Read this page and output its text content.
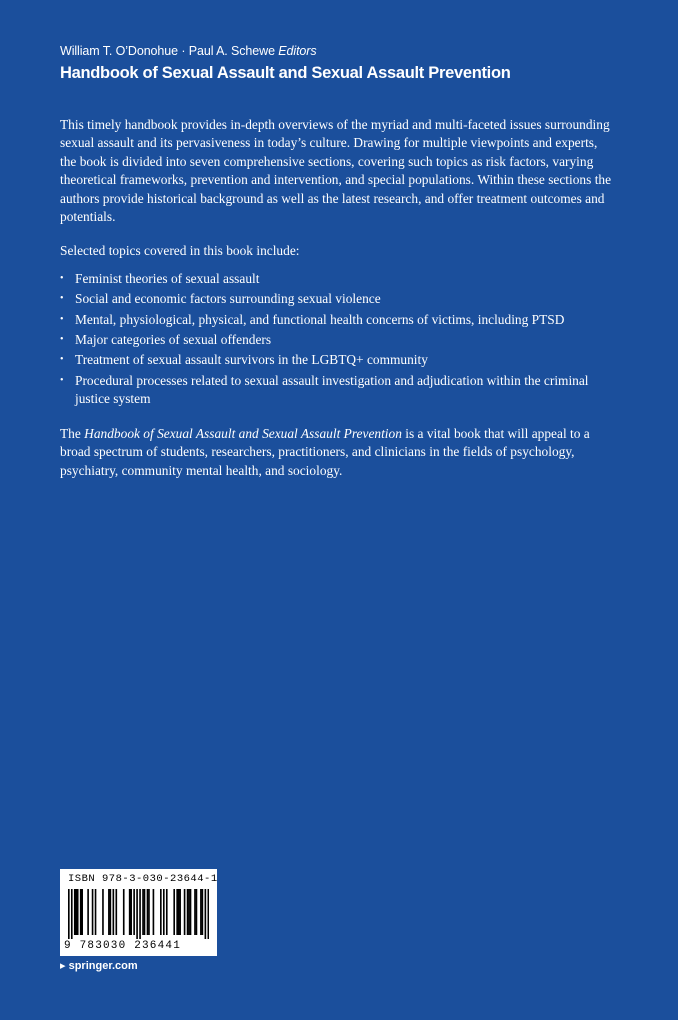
William T. O’Donohue · Paul A. Schewe Editors
Handbook of Sexual Assault and Sexual Assault Prevention

This timely handbook provides in-depth overviews of the myriad and multi-faceted issues surrounding sexual assault and its pervasiveness in today’s culture. Drawing for multiple viewpoints and experts, the book is divided into seven comprehensive sections, covering such topics as risk factors, varying theoretical frameworks, prevention and intervention, and special populations. Within these sections the authors provide historical background as well as the latest research, and offer treatment outcomes and potentials.

Selected topics covered in this book include:

• Feminist theories of sexual assault
• Social and economic factors surrounding sexual violence
• Mental, physiological, physical, and functional health concerns of victims, including PTSD
• Major categories of sexual offenders
• Treatment of sexual assault survivors in the LGBTQ+ community
• Procedural processes related to sexual assault investigation and adjudication within the criminal justice system

The Handbook of Sexual Assault and Sexual Assault Prevention is a vital book that will appeal to a broad spectrum of students, researchers, practitioners, and clinicians in the fields of psychology, psychiatry, community mental health, and sociology.

ISBN 978-3-030-23644-1
9 783030 236441
▸ springer.com
